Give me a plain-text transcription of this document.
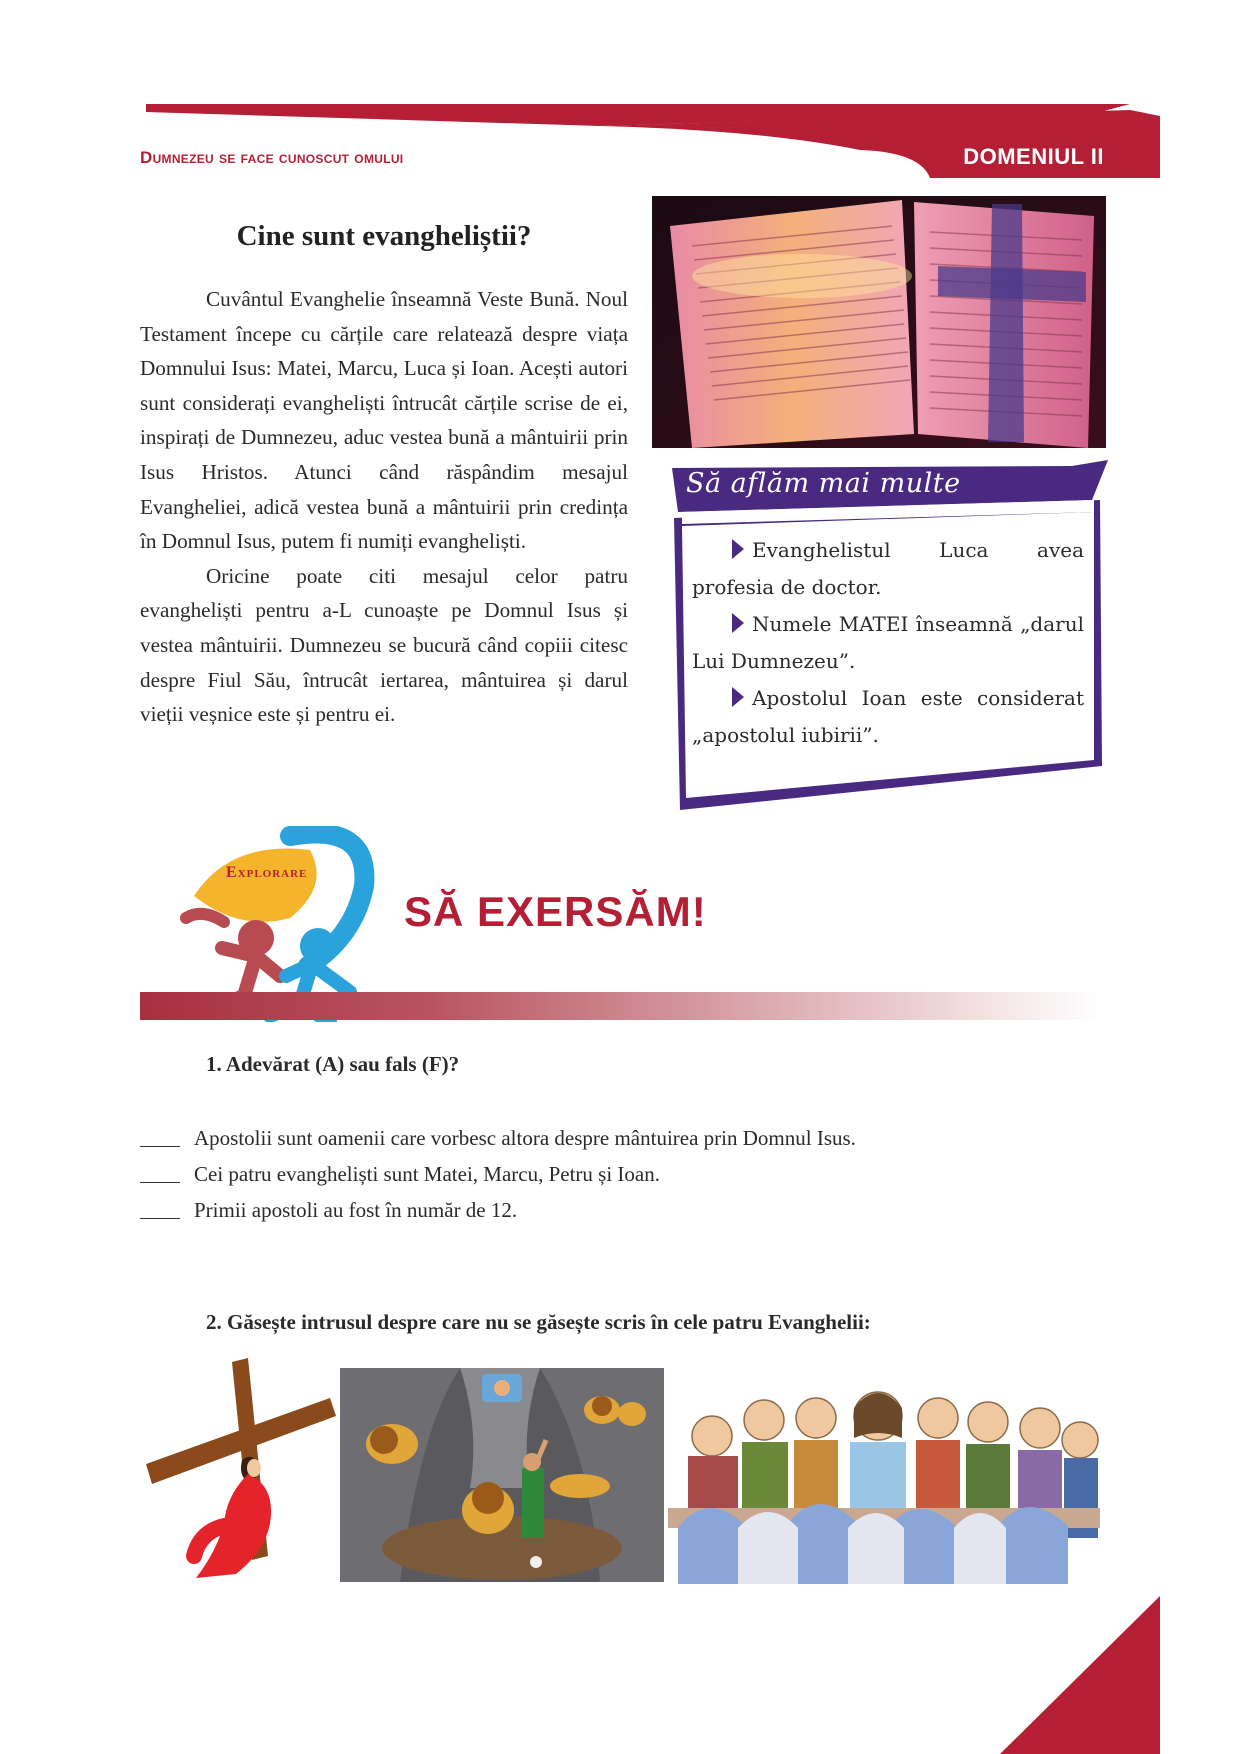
Dumnezeu se face cunoscut omului	DOMENIUL II
Cine sunt evangheliștii?

Cuvântul Evanghelie înseamnă Veste Bună. Noul Testament începe cu cărțile care relatează despre viața Domnului Isus: Matei, Marcu, Luca și Ioan. Acești autori sunt considerați evangheliști întrucât cărțile scrise de ei, inspirați de Dumnezeu, aduc vestea bună a mântuirii prin Isus Hristos. Atunci când răspândim mesajul Evangheliei, adică vestea bună a mântuirii prin credința în Domnul Isus, putem fi numiți evangheliști.

Oricine poate citi mesajul celor patru evangheliști pentru a-L cunoaște pe Domnul Isus și vestea mântuirii. Dumnezeu se bucură când copiii citesc despre Fiul Său, întrucât iertarea, mântuirea și darul vieții veșnice este și pentru ei.

Să aflăm mai multe
Evanghelistul Luca avea profesia de doctor.
Numele MATEI înseamnă „darul Lui Dumnezeu”.
Apostolul Ioan este considerat „apostolul iubirii”.
Explorare
SĂ EXERSĂM!
1. Adevărat (A) sau fals (F)?
Apostolii sunt oamenii care vorbesc altora despre mântuirea prin Domnul Isus.
Cei patru evangheliști sunt Matei, Marcu, Petru și Ioan.
Primii apostoli au fost în număr de 12.
2. Găsește intrusul despre care nu se găsește scris în cele patru Evanghelii:
45
